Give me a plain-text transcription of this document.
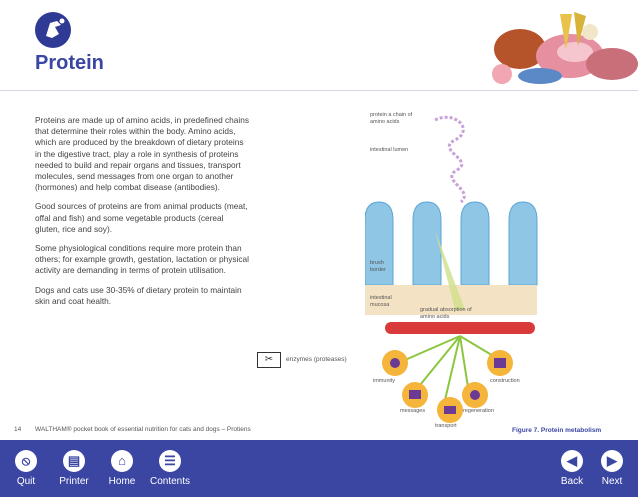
Protein

Proteins are made up of amino acids, in predefined chains that determine their roles within the body. Amino acids, which are produced by the breakdown of dietary proteins in the digestive tract, play a role in synthesis of proteins needed to build and repair organs and tissues, transport molecules, send messages from one organ to another (hormones) and help combat disease (antibodies).

Good sources of proteins are from animal products (meat, offal and fish) and some vegetable products (cereal gluten, rice and soy).

Some physiological conditions require more protein than others; for example growth, gestation, lactation or physical activity are demanding in terms of protein utilisation.

Dogs and cats use 30-35% of dietary protein to maintain skin and coat health.

protein a chain of amino acids
intestinal lumen
brush border
intestinal mucosa
gradual absorption of amino acids
immunity	construction
messages	regeneration
transport
✂	enzymes (proteases)
14 WALTHAM® pocket book of essential nutrition for cats and dogs – Protiens	Figure 7. Protein metabolism
⦸
Quit
▤
Printer
⌂
Home
☰
Contents
◀
Back
▶
Next
